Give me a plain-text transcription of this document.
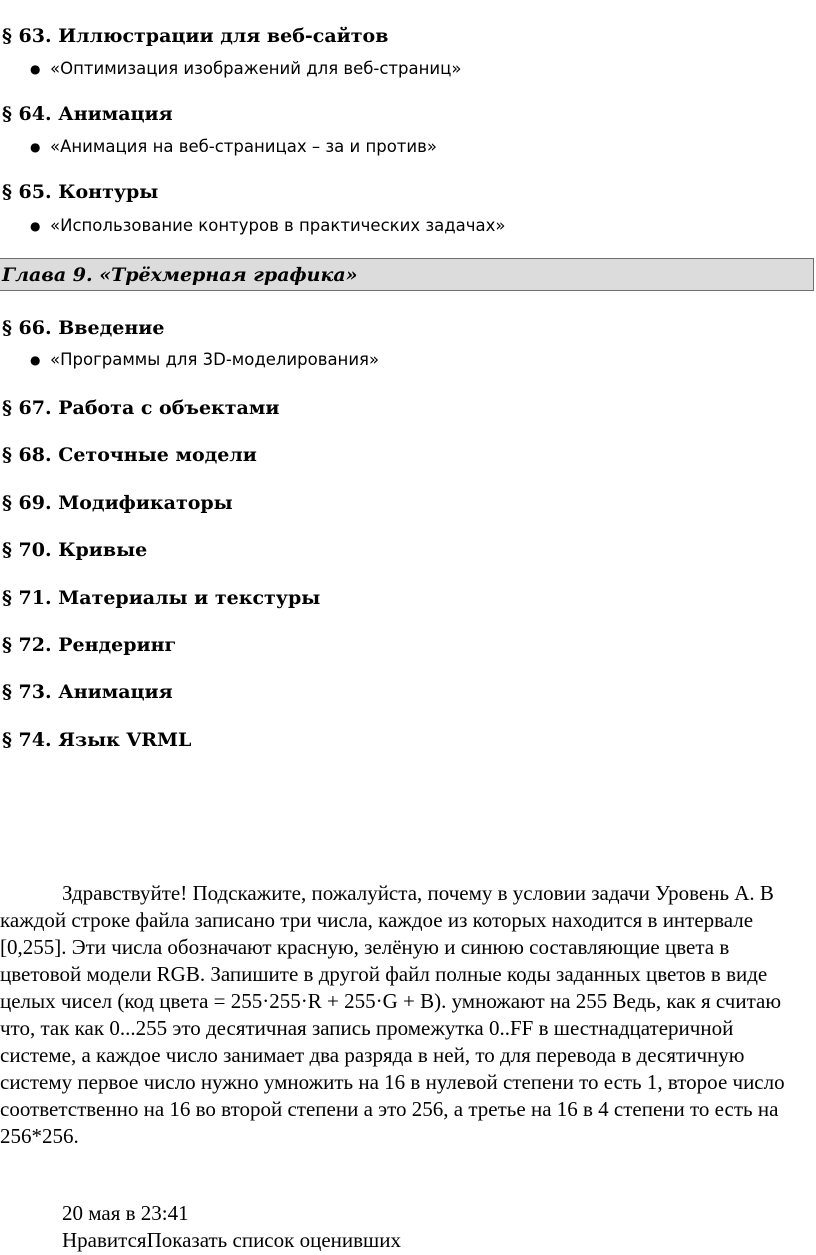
§ 63. Иллюстрации для веб-сайтов
● «Оптимизация изображений для веб-страниц»
§ 64. Анимация
● «Анимация на веб-страницах – за и против»
§ 65. Контуры
● «Использование контуров в практических задачах»
Глава 9. «Трёхмерная графика»
§ 66. Введение
● «Программы для 3D-моделирования»
§ 67. Работа с объектами
§ 68. Сеточные модели
§ 69. Модификаторы
§ 70. Кривые
§ 71. Материалы и текстуры
§ 72. Рендеринг
§ 73. Анимация
§ 74. Язык VRML

Здравствуйте! Подскажите, пожалуйста, почему в условии задачи Уровень А. В каждой строке файла записано три числа, каждое из которых находится в интервале [0,255]. Эти числа обозначают красную, зелёную и синюю составляющие цвета в цветовой модели RGB. Запишите в другой файл полные коды заданных цветов в виде целых чисел (код цвета = 255·255·R + 255·G + B). умножают на 255 Ведь, как я считаю что, так как 0...255 это десятичная запись промежутка 0..FF в шестнадцатеричной системе, а каждое число занимает два разряда в ней, то для перевода в десятичную систему первое число нужно умножить на 16 в нулевой степени то есть 1, второе число соответственно на 16 во второй степени а это 256, а третье на 16 в 4 степени то есть на 256*256.

20 мая в 23:41
НравитсяПоказать список оценивших
